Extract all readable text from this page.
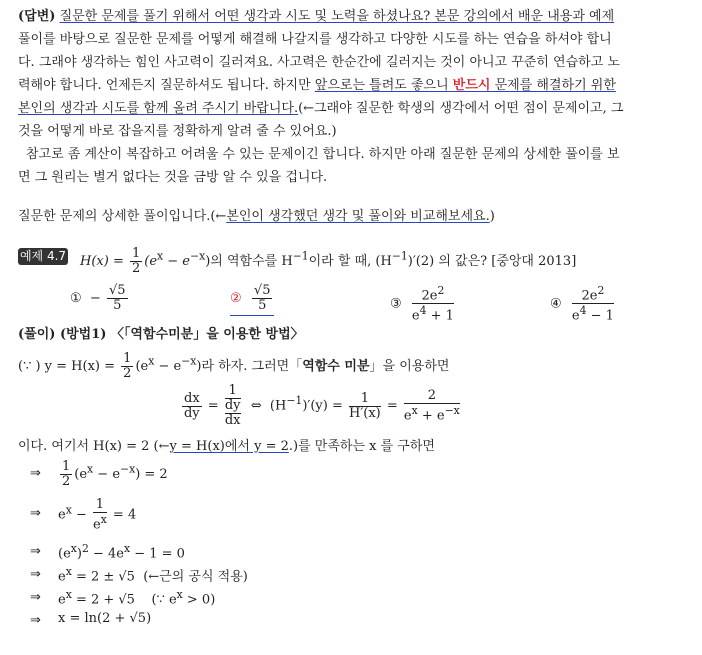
(답변) 질문한 문제를 풀기 위해서 어떤 생각과 시도 및 노력을 하셨나요? 본문 강의에서 배운 내용과 예제
풀이를 바탕으로 질문한 문제를 어떻게 해결해 나갈지를 생각하고 다양한 시도를 하는 연습을 하셔야 합니
다. 그래야 생각하는 힘인 사고력이 길러져요. 사고력은 한순간에 길러지는 것이 아니고 꾸준히 연습하고 노
력해야 합니다. 언제든지 질문하셔도 됩니다. 하지만 앞으로는 틀려도 좋으니 반드시 문제를 해결하기 위한
본인의 생각과 시도를 함께 올려 주시기 바랍니다.(←그래야 질문한 학생의 생각에서 어떤 점이 문제이고, 그
것을 어떻게 바로 잡을지를 정확하게 알려 줄 수 있어요.)
참고로 좀 계산이 복잡하고 어려울 수 있는 문제이긴 합니다. 하지만 아래 질문한 문제의 상세한 풀이를 보
면 그 원리는 별거 없다는 것을 금방 알 수 있을 겁니다.
질문한 문제의 상세한 풀이입니다.(←본인이 생각했던 생각 및 풀이와 비교해보세요.)
예제 4.7 $H(x) = \frac{1}{2} (e^x - e^{-x})$의 역함수를 $H^{-1}$이라 할 때, $(H^{-1})'(2)$ 의 값은? [중앙대 2013]
①  − $\frac{√5}{5}$	② $\frac{√5}{5}$	③ $\frac{2e^2}{e^4 + 1}$	④ $\frac{2e^2}{e^4 - 1}$
(풀이) (방법1) 〈「역함수미분」을 이용한 방법〉
(∵ ) $y = H(x) = \frac{1}{2} (e^x - e^{-x})$라 하자. 그러면「역함수 미분」을 이용하면
$\frac{dx}{dy} = 1$
dy
dx ⇔  $(H^{-1})'(y) = \frac{1}{H'(x)} = \frac{2}{e^x + e^{-x}}$
이다. 여기서 H(x) = 2 (←y = H(x)에서 y = 2.)를 만족하는 x 를 구하면
⇒ $\frac{1}{2} (e^x - e^{-x}) = 2$
⇒ $e^x - \frac{1}{e^x} = 4$
⇒ $(e^x)^2 - 4e^x - 1 = 0$
⇒ $e^x = 2 \pm √5$  (←근의 공식 적용)
⇒ $e^x = 2 + √5$    (∵ $e^x > 0$)
⇒ x = ln(2 + √5)
